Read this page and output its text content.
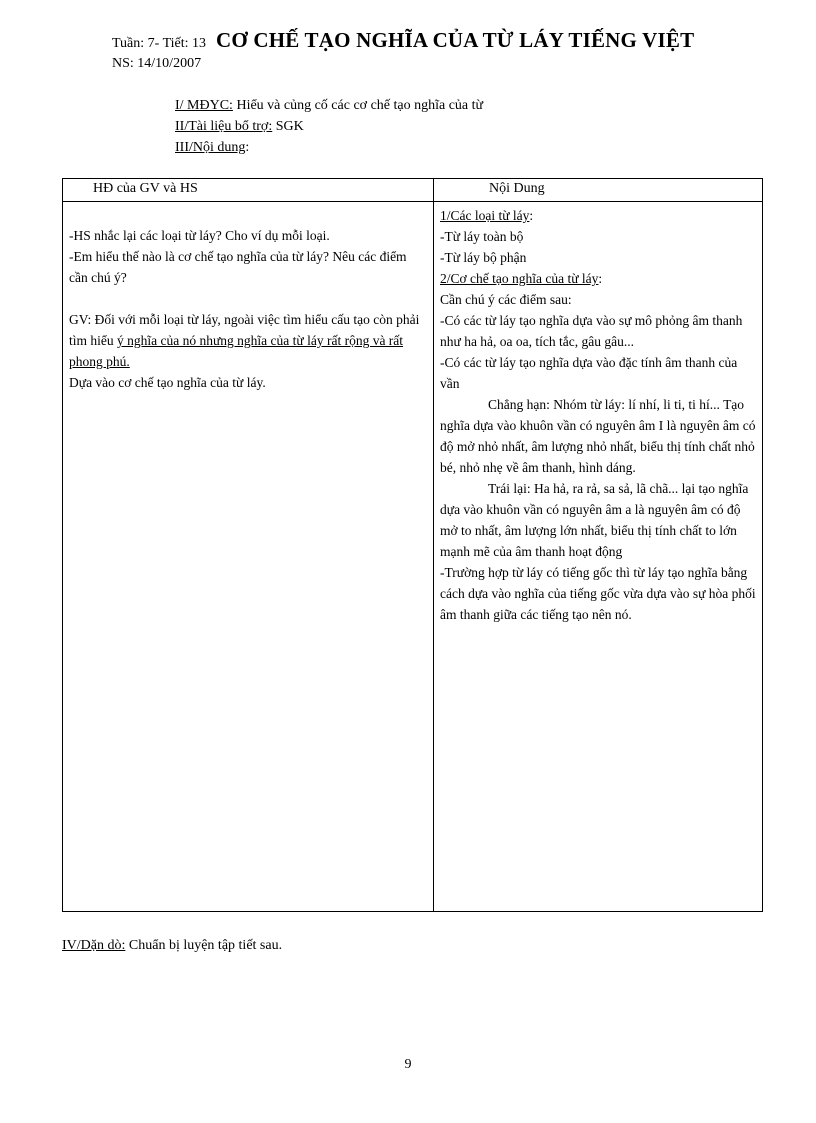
Tuần: 7- Tiết: 13 CƠ CHẾ TẠO NGHĨA CỦA TỪ LÁY TIẾNG VIỆT
NS: 14/10/2007
I/ MĐYC: Hiểu và củng cố các cơ chế tạo nghĩa của từ
II/Tài liệu bổ trợ: SGK
III/Nội dung:
HĐ của GV và HS	Nội Dung

-HS nhắc lại các loại từ láy? Cho ví dụ mỗi loại.

-Em hiểu thế nào là cơ chế tạo nghĩa của từ láy? Nêu các điểm cần chú ý?

GV: Đối với mỗi loại từ láy, ngoài việc tìm hiểu cấu tạo còn phải tìm hiểu ý nghĩa của nó nhưng nghĩa của từ láy rất rộng và rất phong phú.

Dựa vào cơ chế tạo nghĩa của từ láy.

1/Các loại từ láy:

-Từ láy toàn bộ

-Từ láy bộ phận

2/Cơ chế tạo nghĩa của từ láy:

Cần chú ý các điểm sau:

-Có các từ láy tạo nghĩa dựa vào sự mô phỏng âm thanh như ha hả, oa oa, tích tắc, gâu gâu...

-Có các từ láy tạo nghĩa dựa vào đặc tính âm thanh của vần

Chẳng hạn: Nhóm từ láy: lí nhí, li ti, ti hí... Tạo nghĩa dựa vào khuôn vần có nguyên âm I là nguyên âm có độ mở nhỏ nhất, âm lượng nhỏ nhất, biểu thị tính chất nhỏ bé, nhỏ nhẹ về âm thanh, hình dáng.

Trái lại: Ha hả, ra rả, sa sả, lã chã... lại tạo nghĩa dựa vào khuôn vần có nguyên âm a là nguyên âm có độ mở to nhất, âm lượng lớn nhất, biểu thị tính chất to lớn mạnh mẽ của âm thanh hoạt động

-Trường hợp từ láy có tiếng gốc thì từ láy tạo nghĩa bằng cách dựa vào nghĩa của tiếng gốc vừa dựa vào sự hòa phối âm thanh giữa các tiếng tạo nên nó.

IV/Dặn dò: Chuẩn bị luyện tập tiết sau.
9
